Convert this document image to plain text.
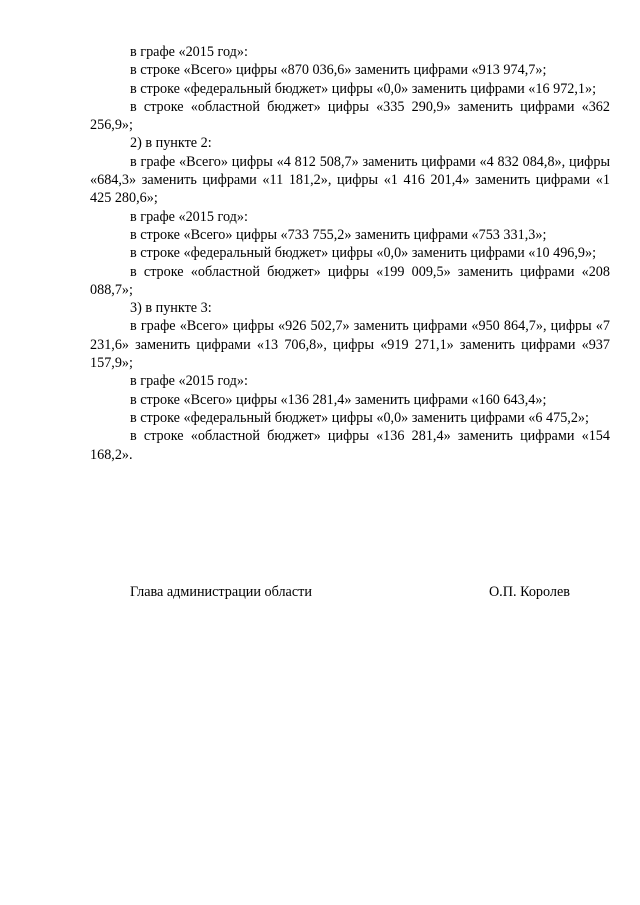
в графе «2015 год»:

в строке «Всего» цифры «870 036,6» заменить цифрами «913 974,7»;

в строке «федеральный бюджет» цифры «0,0» заменить цифрами «16 972,1»;

в строке «областной бюджет» цифры «335 290,9» заменить цифрами «362 256,9»;

2) в пункте 2:

в графе «Всего» цифры «4 812 508,7» заменить цифрами «4 832 084,8», цифры «684,3» заменить цифрами «11 181,2», цифры «1 416 201,4» заменить цифрами «1 425 280,6»;

в графе «2015 год»:

в строке «Всего» цифры «733 755,2» заменить цифрами «753 331,3»;

в строке «федеральный бюджет» цифры «0,0» заменить цифрами «10 496,9»;

в строке «областной бюджет» цифры «199 009,5» заменить цифрами «208 088,7»;

3) в пункте 3:

в графе «Всего» цифры «926 502,7» заменить цифрами «950 864,7», цифры «7 231,6» заменить цифрами «13 706,8», цифры «919 271,1» заменить цифрами «937 157,9»;

в графе «2015 год»:

в строке «Всего» цифры «136 281,4» заменить цифрами «160 643,4»;

в строке «федеральный бюджет» цифры «0,0» заменить цифрами «6 475,2»;

в строке «областной бюджет» цифры «136 281,4» заменить цифрами «154 168,2».

Глава администрации области	О.П. Королев
